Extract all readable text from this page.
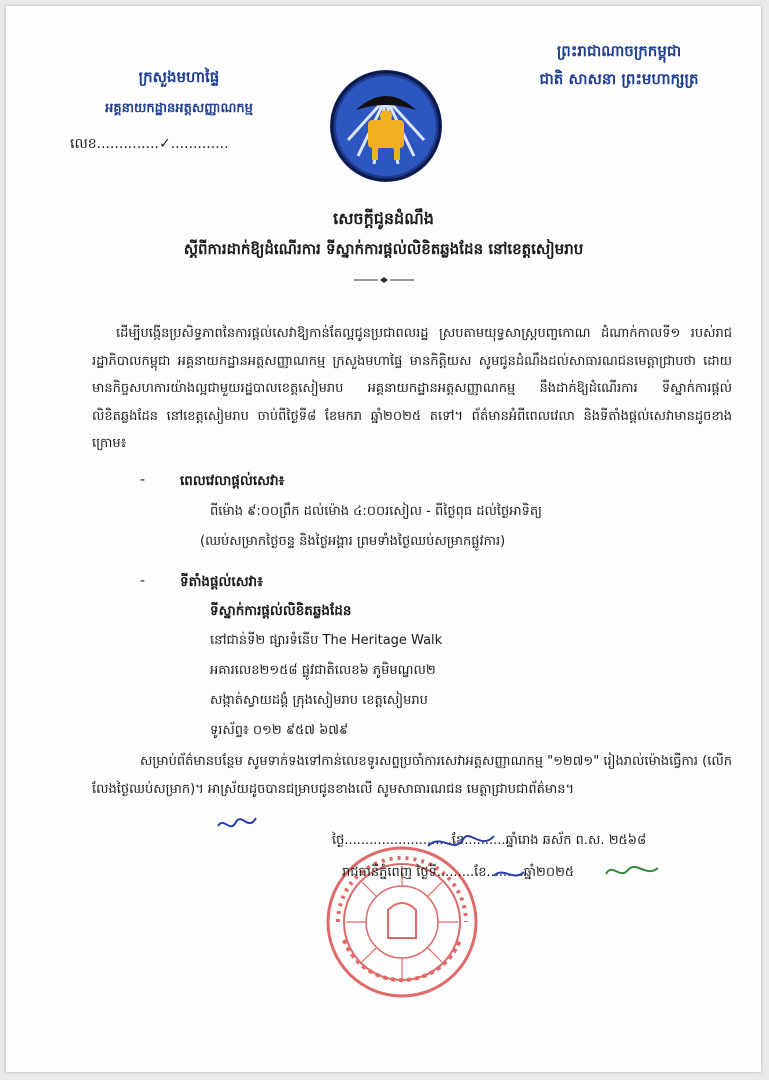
ក្រសួងមហាផ្ទៃ
អគ្គនាយកដ្ឋានអត្តសញ្ញាណកម្ម
លេខ..............✓.............
ព្រះរាជាណាចក្រកម្ពុជា
ជាតិ សាសនា ព្រះមហាក្សត្រ
សេចក្តីជូនដំណឹង
ស្តីពីការដាក់ឱ្យដំណើរការ ទីស្នាក់ការផ្តល់លិខិតឆ្លងដែន នៅខេត្តសៀមរាប
ដើម្បីបង្កើនប្រសិទ្ធភាពនៃការផ្តល់សេវាឱ្យកាន់តែល្អជូនប្រជាពលរដ្ឋ ស្របតាមយុទ្ធសាស្ត្របញ្ចកោណ ដំណាក់កាលទី១ របស់រាជរដ្ឋាភិបាលកម្ពុជា អគ្គនាយកដ្ឋានអត្តសញ្ញាណកម្ម ក្រសួងមហាផ្ទៃ មានកិត្តិយស សូមជូនដំណឹងដល់សាធារណជនមេត្តាជ្រាបថា ដោយមានកិច្ចសហការយ៉ាងល្អជាមួយរដ្ឋបាលខេត្តសៀមរាប អគ្គនាយកដ្ឋានអត្តសញ្ញាណកម្ម នឹងដាក់ឱ្យដំណើរការ ទីស្នាក់ការផ្តល់លិខិតឆ្លងដែន នៅខេត្តសៀមរាប ចាប់ពីថ្ងៃទី៨ ខែមករា ឆ្នាំ២០២៥ តទៅ។ ព័ត៌មានអំពីពេលវេលា និងទីតាំងផ្តល់សេវាមានដូចខាងក្រោម៖
-	ពេលវេលាផ្តល់សេវា៖
ពីម៉ោង ៩:០០ព្រឹក ដល់ម៉ោង ៤:០០រសៀល - ពីថ្ងៃពុធ ដល់ថ្ងៃអាទិត្យ
(ឈប់សម្រាកថ្ងៃចន្ទ និងថ្ងៃអង្គារ ព្រមទាំងថ្ងៃឈប់សម្រាកផ្លូវការ)
-	ទីតាំងផ្តល់សេវា៖
ទីស្នាក់ការផ្តល់លិខិតឆ្លងដែន
នៅជាន់ទី២ ផ្សារទំនើប The Heritage Walk
អគារលេខ២១៥៨ ផ្លូវជាតិលេខ៦ ភូមិមណ្ឌល២
សង្កាត់ស្វាយដង្គំ ក្រុងសៀមរាប ខេត្តសៀមរាប
ទូរស័ព្ទ៖ ០១២ ៩៥៧ ៦៧៩
សម្រាប់ព័ត៌មានបន្ថែម សូមទាក់ទងទៅកាន់លេខទូរសព្ទប្រចាំការសេវាអត្តសញ្ញាណកម្ម "១២៧១" រៀងរាល់ម៉ោងធ្វើការ (លើកលែងថ្ងៃឈប់សម្រាក)។ អាស្រ័យដូចបានជម្រាបជូនខាងលើ សូមសាធារណជន មេត្តាជ្រាបជាព័ត៌មាន។
ថ្ងៃ..........................ខែ..........ឆ្នាំរោង ឆស័ក ព.ស. ២៥៦៨
រាជធានីភ្នំពេញ ថ្ងៃទី.........ខែ.........ឆ្នាំ២០២៥
